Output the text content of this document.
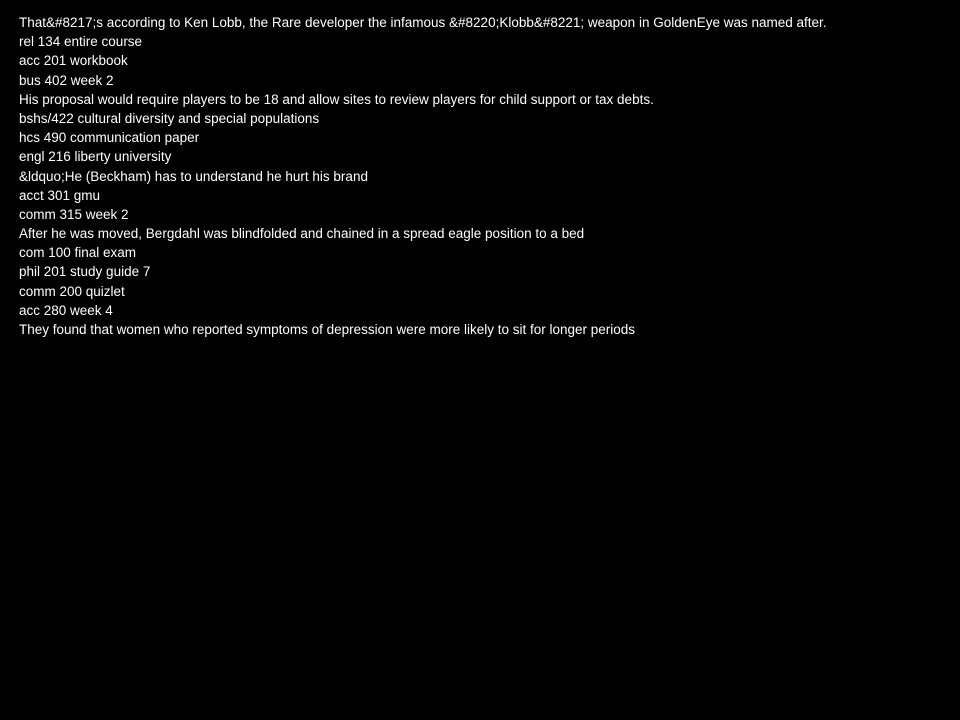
That&#8217;s according to Ken Lobb, the Rare developer the infamous &#8220;Klobb&#8221; weapon in GoldenEye was named after.
rel 134 entire course
acc 201 workbook
bus 402 week 2
His proposal would require players to be 18 and allow sites to review players for child support or tax debts.
bshs/422 cultural diversity and special populations
hcs 490 communication paper
engl 216 liberty university
&ldquo;He (Beckham) has to understand he hurt his brand
acct 301 gmu
comm 315 week 2
After he was moved, Bergdahl was blindfolded and chained in a spread eagle position to a bed
com 100 final exam
phil 201 study guide 7
comm 200 quizlet
acc 280 week 4
They found that women who reported symptoms of depression were more likely to sit for longer periods
